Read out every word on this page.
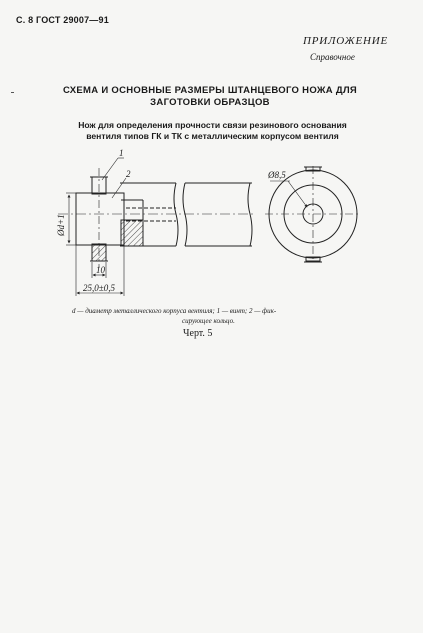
С. 8 ГОСТ 29007—91
ПРИЛОЖЕНИЕ
Справочное
СХЕМА И ОСНОВНЫЕ РАЗМЕРЫ ШТАНЦЕВОГО НОЖА ДЛЯ
ЗАГОТОВКИ ОБРАЗЦОВ
Нож для определения прочности связи резинового основания
вентиля типов ГК и ТК с металлическим корпусом вентиля
1
2
Ød+1
10
25,0±0,5
Ø8,5
d — диаметр металлического корпуса вентиля; 1 — винт; 2 — фик-
сирующее кольцо.
Черт. 5
